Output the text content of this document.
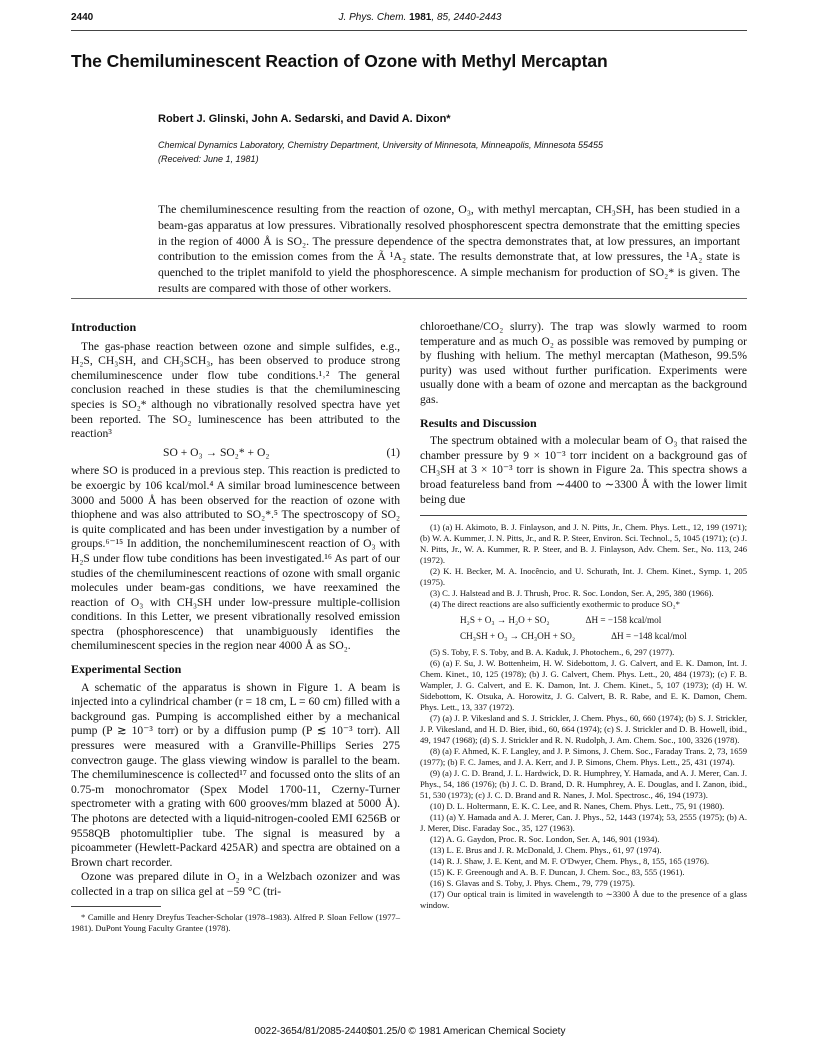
2440	J. Phys. Chem. 1981, 85, 2440-2443
The Chemiluminescent Reaction of Ozone with Methyl Mercaptan
Robert J. Glinski, John A. Sedarski, and David A. Dixon*
Chemical Dynamics Laboratory, Chemistry Department, University of Minnesota, Minneapolis, Minnesota 55455
(Received: June 1, 1981)
The chemiluminescence resulting from the reaction of ozone, O₃, with methyl mercaptan, CH₃SH, has been studied in a beam-gas apparatus at low pressures. Vibrationally resolved phosphorescent spectra demonstrate that the emitting species in the region of 4000 Å is SO₂. The pressure dependence of the spectra demonstrates that, at low pressures, an important contribution to the emission comes from the Ã ¹A₂ state. The results demonstrate that, at low pressures, the ¹A₂ state is quenched to the triplet manifold to yield the phosphorescence. A simple mechanism for production of SO₂* is given. The results are compared with those of other workers.

Introduction

The gas-phase reaction between ozone and simple sulfides, e.g., H₂S, CH₃SH, and CH₃SCH₃, has been observed to produce strong chemiluminescence under flow tube conditions.¹˒² The general conclusion reached in these studies is that the chemiluminescing species is SO₂* although no vibrationally resolved spectra have yet been reported. The SO₂ luminescence has been attributed to the reaction³

SO + O₃ → SO₂* + O₂	(1)

where SO is produced in a previous step. This reaction is predicted to be exoergic by 106 kcal/mol.⁴ A similar broad luminescence between 3000 and 5000 Å has been observed for the reaction of ozone with thiophene and was also attributed to SO₂*.⁵ The spectroscopy of SO₂ is quite complicated and has been under investigation by a number of groups.⁶⁻¹⁵ In addition, the nonchemiluminescent reaction of O₃ with H₂S under flow tube conditions has been investigated.¹⁶ As part of our studies of the chemiluminescent reactions of ozone with small organic molecules under beam-gas conditions, we have reexamined the reaction of O₃ with CH₃SH under low-pressure multiple-collision conditions. In this Letter, we present vibrationally resolved emission spectra (phosphorescence) that unambiguously identifies the chemiluminescent species in the region near 4000 Å as SO₂.

Experimental Section

A schematic of the apparatus is shown in Figure 1. A beam is injected into a cylindrical chamber (r = 18 cm, L = 60 cm) filled with a background gas. Pumping is accomplished either by a mechanical pump (P ≳ 10⁻³ torr) or by a diffusion pump (P ≲ 10⁻³ torr). All pressures were measured with a Granville-Phillips Series 275 convectron gauge. The glass viewing window is parallel to the beam. The chemiluminescence is collected¹⁷ and focussed onto the slits of an 0.75-m monochromator (Spex Model 1700-11, Czerny-Turner spectrometer with a grating with 600 grooves/mm blazed at 5000 Å). The photons are detected with a liquid-nitrogen-cooled EMI 6256B or 9558QB photomultiplier tube. The signal is measured by a picoammeter (Hewlett-Packard 425AR) and spectra are obtained on a Brown chart recorder.

Ozone was prepared dilute in O₂ in a Welzbach ozonizer and was collected in a trap on silica gel at −59 °C (tri-

* Camille and Henry Dreyfus Teacher-Scholar (1978–1983). Alfred P. Sloan Fellow (1977–1981). DuPont Young Faculty Grantee (1978).

chloroethane/CO₂ slurry). The trap was slowly warmed to room temperature and as much O₂ as possible was removed by pumping or by flushing with helium. The methyl mercaptan (Matheson, 99.5% purity) was used without further purification. Experiments were usually done with a beam of ozone and mercaptan as the background gas.

Results and Discussion

The spectrum obtained with a molecular beam of O₃ that raised the chamber pressure by 9 × 10⁻³ torr incident on a background gas of CH₃SH at 3 × 10⁻³ torr is shown in Figure 2a. This spectra shows a broad featureless band from ∼4400 to ∼3300 Å with the lower limit being due

(1) (a) H. Akimoto, B. J. Finlayson, and J. N. Pitts, Jr., Chem. Phys. Lett., 12, 199 (1971); (b) W. A. Kummer, J. N. Pitts, Jr., and R. P. Steer, Environ. Sci. Technol., 5, 1045 (1971); (c) J. N. Pitts, Jr., W. A. Kummer, R. P. Steer, and B. J. Finlayson, Adv. Chem. Ser., No. 113, 246 (1972).
(2) K. H. Becker, M. A. Inocêncio, and U. Schurath, Int. J. Chem. Kinet., Symp. 1, 205 (1975).
(3) C. J. Halstead and B. J. Thrush, Proc. R. Soc. London, Ser. A, 295, 380 (1966).
(4) The direct reactions are also sufficiently exothermic to produce SO₂*
H₂S + O₃ → H₂O + SO₂	ΔH = −158 kcal/mol
CH₃SH + O₃ → CH₃OH + SO₂	ΔH = −148 kcal/mol
(5) S. Toby, F. S. Toby, and B. A. Kaduk, J. Photochem., 6, 297 (1977).
(6) (a) F. Su, J. W. Bottenheim, H. W. Sidebottom, J. G. Calvert, and E. K. Damon, Int. J. Chem. Kinet., 10, 125 (1978); (b) J. G. Calvert, Chem. Phys. Lett., 20, 484 (1973); (c) F. B. Wampler, J. G. Calvert, and E. K. Damon, Int. J. Chem. Kinet., 5, 107 (1973); (d) H. W. Sidebottom, K. Otsuka, A. Horowitz, J. G. Calvert, B. R. Rabe, and E. K. Damon, Chem. Phys. Lett., 13, 337 (1972).
(7) (a) J. P. Vikesland and S. J. Strickler, J. Chem. Phys., 60, 660 (1974); (b) S. J. Strickler, J. P. Vikesland, and H. D. Bier, ibid., 60, 664 (1974); (c) S. J. Strickler and D. B. Howell, ibid., 49, 1947 (1968); (d) S. J. Strickler and R. N. Rudolph, J. Am. Chem. Soc., 100, 3326 (1978).
(8) (a) F. Ahmed, K. F. Langley, and J. P. Simons, J. Chem. Soc., Faraday Trans. 2, 73, 1659 (1977); (b) F. C. James, and J. A. Kerr, and J. P. Simons, Chem. Phys. Lett., 25, 431 (1974).
(9) (a) J. C. D. Brand, J. L. Hardwick, D. R. Humphrey, Y. Hamada, and A. J. Merer, Can. J. Phys., 54, 186 (1976); (b) J. C. D. Brand, D. R. Humphrey, A. E. Douglas, and I. Zanon, ibid., 51, 530 (1973); (c) J. C. D. Brand and R. Nanes, J. Mol. Spectrosc., 46, 194 (1973).
(10) D. L. Holtermann, E. K. C. Lee, and R. Nanes, Chem. Phys. Lett., 75, 91 (1980).
(11) (a) Y. Hamada and A. J. Merer, Can. J. Phys., 52, 1443 (1974); 53, 2555 (1975); (b) A. J. Merer, Disc. Faraday Soc., 35, 127 (1963).
(12) A. G. Gaydon, Proc. R. Soc. London, Ser. A, 146, 901 (1934).
(13) L. E. Brus and J. R. McDonald, J. Chem. Phys., 61, 97 (1974).
(14) R. J. Shaw, J. E. Kent, and M. F. O'Dwyer, Chem. Phys., 8, 155, 165 (1976).
(15) K. F. Greenough and A. B. F. Duncan, J. Chem. Soc., 83, 555 (1961).
(16) S. Glavas and S. Toby, J. Phys. Chem., 79, 779 (1975).
(17) Our optical train is limited in wavelength to ∼3300 Å due to the presence of a glass window.
0022-3654/81/2085-2440$01.25/0 © 1981 American Chemical Society
